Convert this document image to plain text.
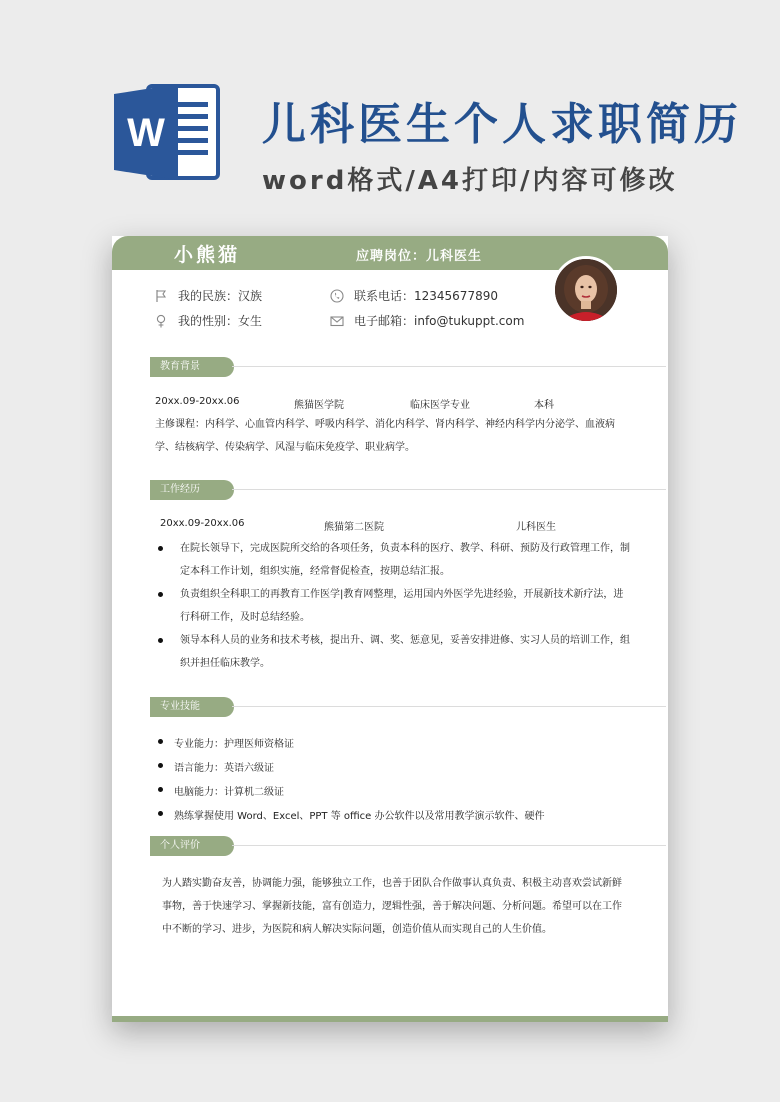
W 儿科医生个人求职简历
word格式/A4打印/内容可修改
小熊猫	应聘岗位：儿科医生
我的民族：汉族
我的性别：女生
联系电话：12345677890
电子邮箱：info@tukuppt.com
教育背景
20xx.09-20xx.06	熊猫医学院	临床医学专业	本科
主修课程：内科学、心血管内科学、呼吸内科学、消化内科学、肾内科学、神经内科学内分泌学、血液病学、结核病学、传染病学、风湿与临床免疫学、职业病学。
工作经历
20xx.09-20xx.06	熊猫第二医院	儿科医生
在院长领导下，完成医院所交给的各项任务，负责本科的医疗、教学、科研、预防及行政管理工作，制定本科工作计划，组织实施，经常督促检查，按期总结汇报。
负责组织全科职工的再教育工作医学|教育网整理，运用国内外医学先进经验，开展新技术新疗法，进行科研工作，及时总结经验。
领导本科人员的业务和技术考核，提出升、调、奖、惩意见，妥善安排进修、实习人员的培训工作，组织并担任临床教学。
专业技能
专业能力：护理医师资格证
语言能力：英语六级证
电脑能力：计算机二级证
熟练掌握使用 Word、Excel、PPT 等 office 办公软件以及常用教学演示软件、硬件
个人评价
为人踏实勤奋友善，协调能力强，能够独立工作，也善于团队合作做事认真负责、积极主动喜欢尝试新鲜事物，善于快速学习、掌握新技能，富有创造力，逻辑性强，善于解决问题、分析问题。希望可以在工作中不断的学习、进步，为医院和病人解决实际问题，创造价值从而实现自己的人生价值。
